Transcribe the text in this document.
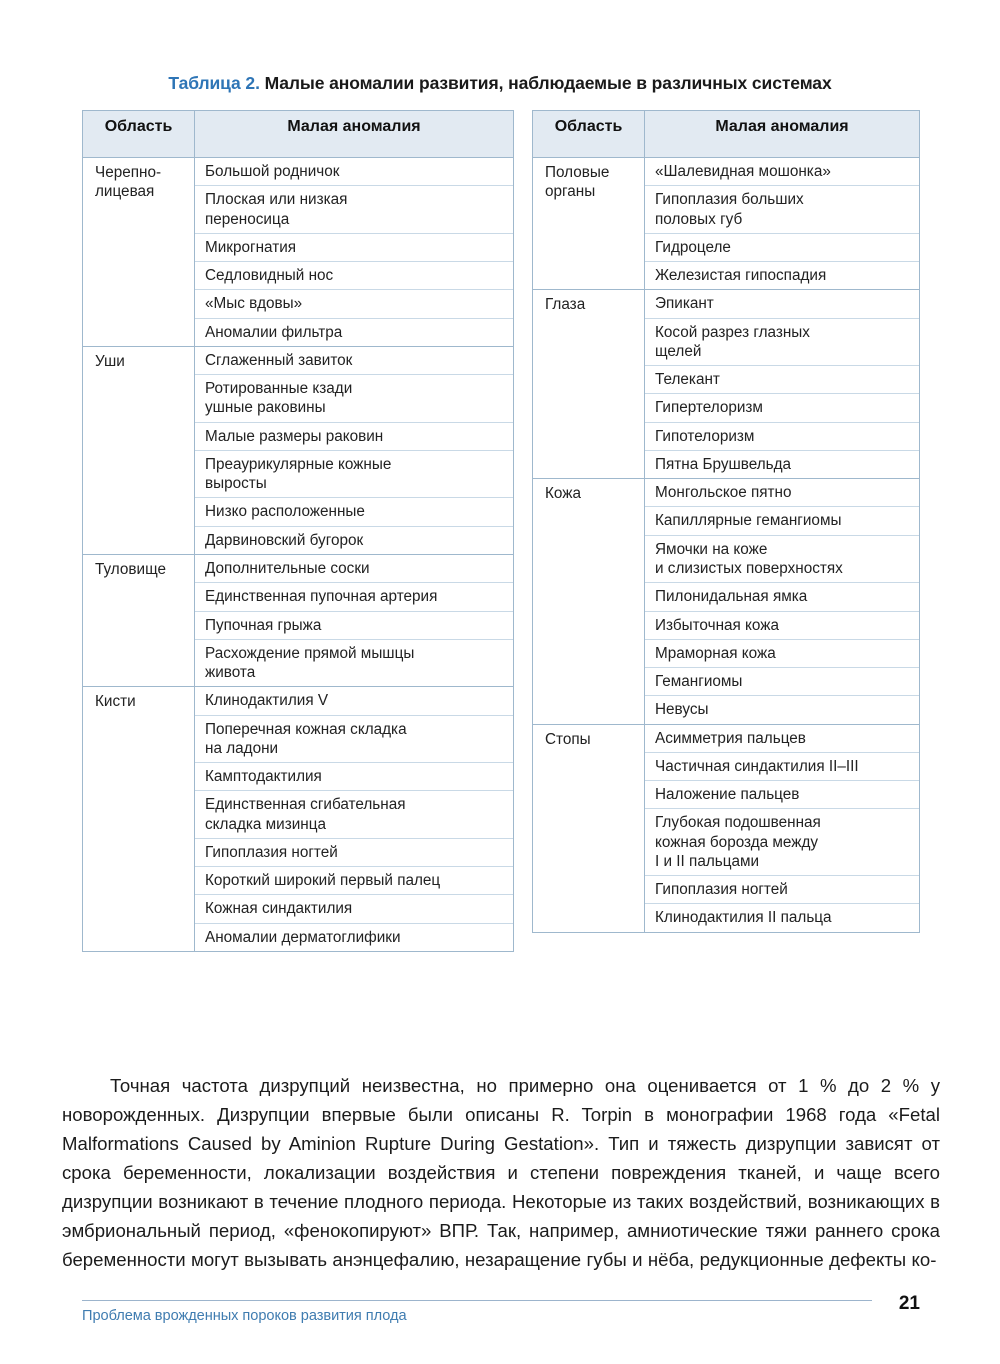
Таблица 2. Малые аномалии развития, наблюдаемые в различных системах
Область	Малая аномалия
Черепно-
лицевая	Большой родничок
	Плоская или низкая
переносица
	Микрогнатия
	Седловидный нос
	«Мыс вдовы»
	Аномалии фильтра
Уши	Сглаженный завиток
	Ротированные кзади
ушные раковины
	Малые размеры раковин
	Преаурикулярные кожные
выросты
	Низко расположенные
	Дарвиновский бугорок
Туловище	Дополнительные соски
	Единственная пупочная артерия
	Пупочная грыжа
	Расхождение прямой мышцы
живота
Кисти	Клинодактилия V
	Поперечная кожная складка
на ладони
	Камптодактилия
	Единственная сгибательная
складка мизинца
	Гипоплазия ногтей
	Короткий широкий первый палец
	Кожная синдактилия
	Аномалии дерматоглифики
Область	Малая аномалия
Половые
органы	«Шалевидная мошонка»
	Гипоплазия больших
половых губ
	Гидроцеле
	Железистая гипоспадия
Глаза	Эпикант
	Косой разрез глазных
щелей
	Телекант
	Гипертелоризм
	Гипотелоризм
	Пятна Брушвельда
Кожа	Монгольское пятно
	Капиллярные гемангиомы
	Ямочки на коже
и слизистых поверхностях
	Пилонидальная ямка
	Избыточная кожа
	Мраморная кожа
	Гемангиомы
	Невусы
Стопы	Асимметрия пальцев
	Частичная синдактилия II–III
	Наложение пальцев
	Глубокая подошвенная
кожная борозда между
I и II пальцами
	Гипоплазия ногтей
	Клинодактилия II пальца

Точная частота дизрупций неизвестна, но примерно она оценивается от 1 % до 2 % у новорожденных. Дизрупции впервые были описаны R. Torpin в монографии 1968 года «Fetal Malformations Caused by Aminion Rupture During Gestation». Тип и тяжесть дизрупции зависят от срока беременности, локализации воздействия и степени повреждения тканей, и чаще всего дизрупции возникают в течение плодного периода. Некоторые из таких воздействий, возникающих в эмбриональный период, «фенокопируют» ВПР. Так, например, амниотические тяжи раннего срока беременности могут вызывать анэнцефалию, незаращение губы и нёба, редукционные дефекты ко-

Проблема врожденных пороков развития плода
21
